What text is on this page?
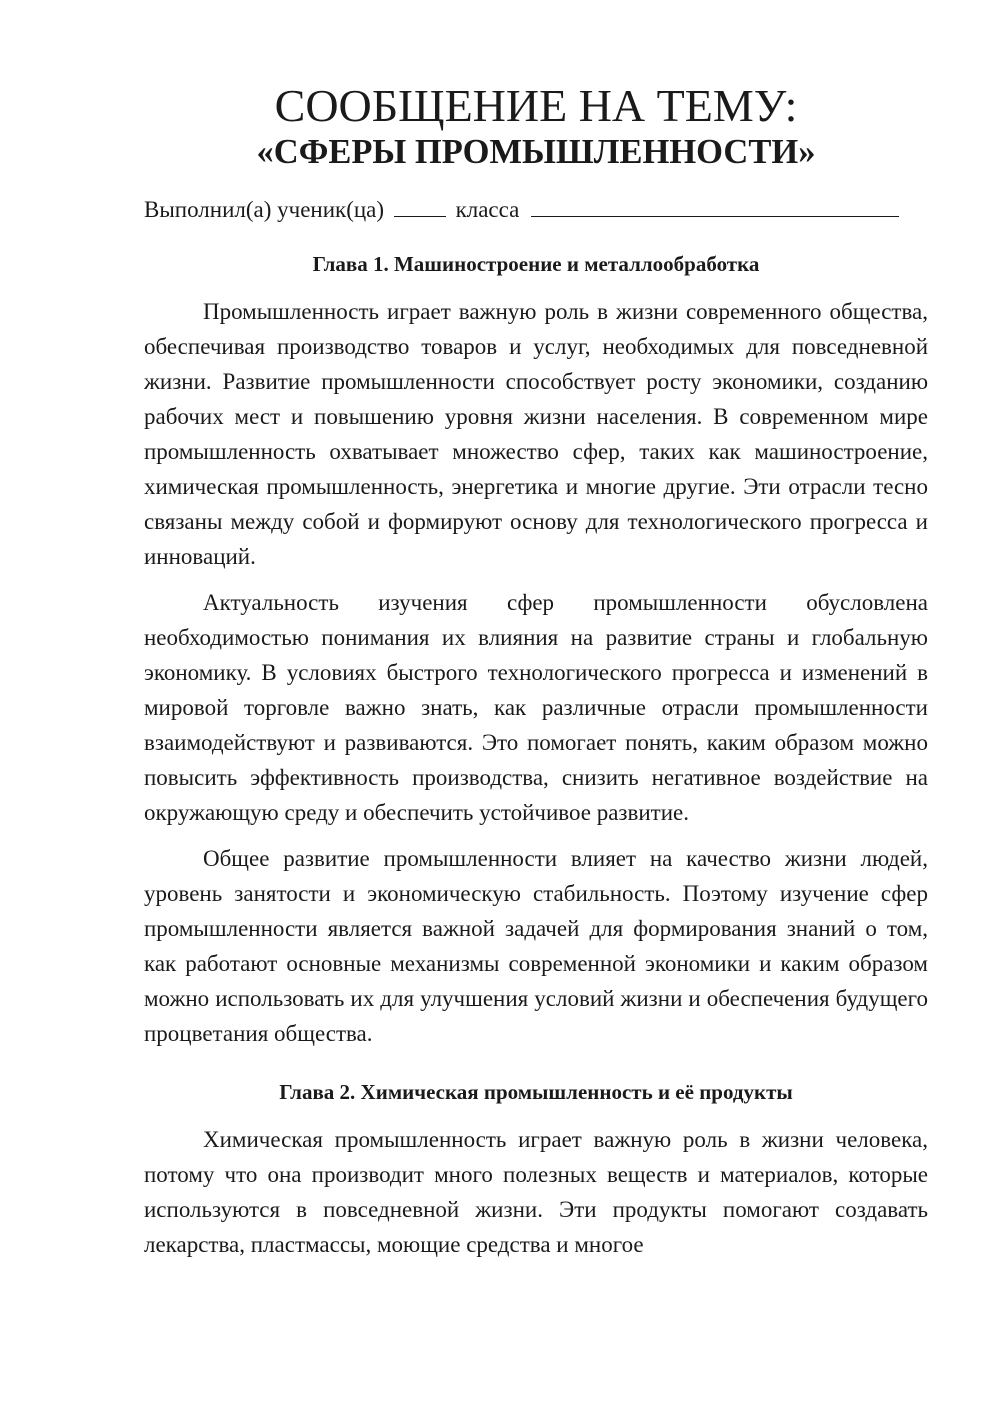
СООБЩЕНИЕ НА ТЕМУ:
«СФЕРЫ ПРОМЫШЛЕННОСТИ»

Выполнил(а) ученик(ца)	класса

Глава 1. Машиностроение и металлообработка

Промышленность играет важную роль в жизни современного общества, обеспечивая производство товаров и услуг, необходимых для повседневной жизни. Развитие промышленности способствует росту экономики, созданию рабочих мест и повышению уровня жизни населения. В современном мире промышленность охватывает множество сфер, таких как машиностроение, химическая промышленность, энергетика и многие другие. Эти отрасли тесно связаны между собой и формируют основу для технологического прогресса и инноваций.

Актуальность изучения сфер промышленности обусловлена необходимостью понимания их влияния на развитие страны и глобальную экономику. В условиях быстрого технологического прогресса и изменений в мировой торговле важно знать, как различные отрасли промышленности взаимодействуют и развиваются. Это помогает понять, каким образом можно повысить эффективность производства, снизить негативное воздействие на окружающую среду и обеспечить устойчивое развитие.

Общее развитие промышленности влияет на качество жизни людей, уровень занятости и экономическую стабильность. Поэтому изучение сфер промышленности является важной задачей для формирования знаний о том, как работают основные механизмы современной экономики и каким образом можно использовать их для улучшения условий жизни и обеспечения будущего процветания общества.

Глава 2. Химическая промышленность и её продукты

Химическая промышленность играет важную роль в жизни человека, потому что она производит много полезных веществ и материалов, которые используются в повседневной жизни. Эти продукты помогают создавать лекарства, пластмассы, моющие средства и многое
